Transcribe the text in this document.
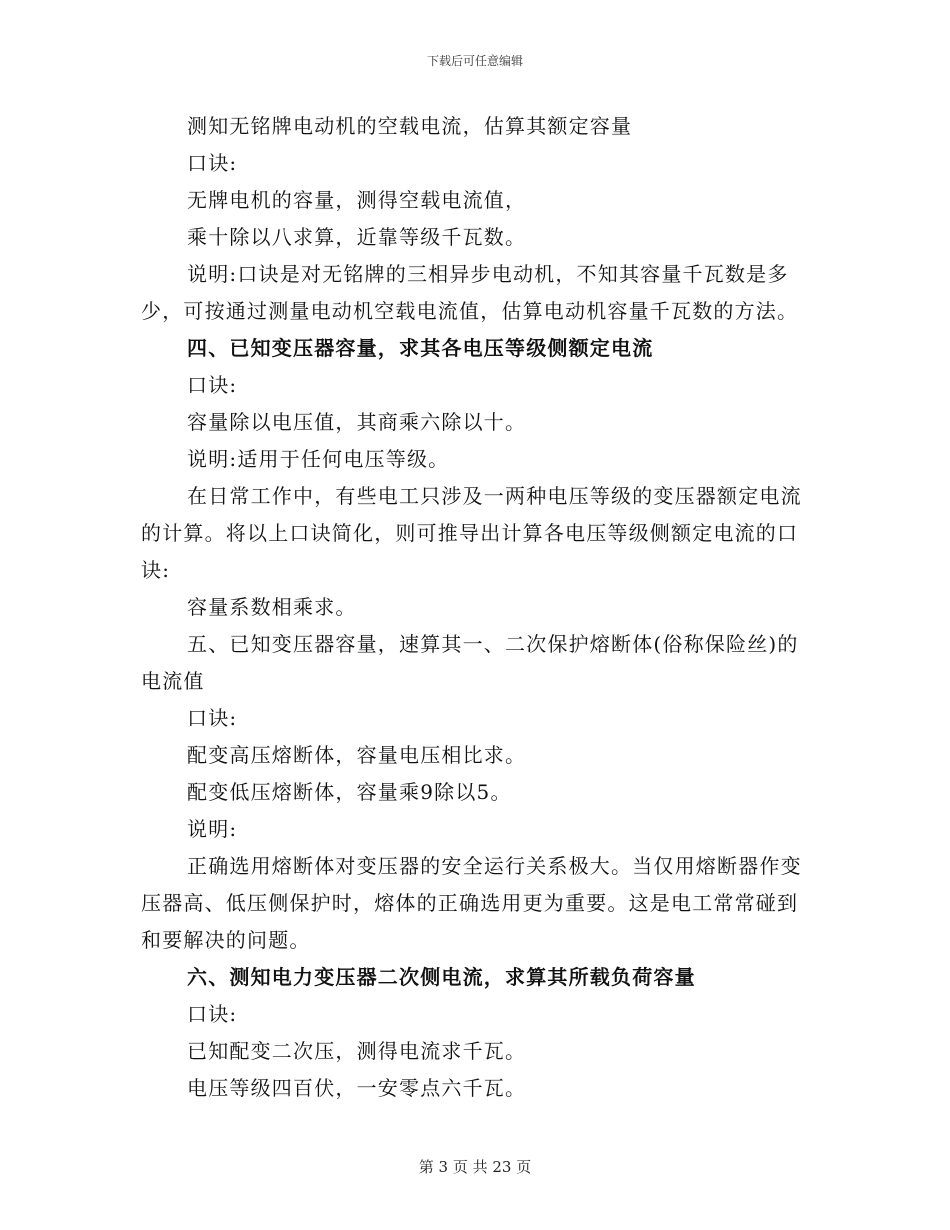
下载后可任意编辑

测知无铭牌电动机的空载电流，估算其额定容量

口诀:

无牌电机的容量，测得空载电流值，

乘十除以八求算，近靠等级千瓦数。

说明:口诀是对无铭牌的三相异步电动机，不知其容量千瓦数是多少，可按通过测量电动机空载电流值，估算电动机容量千瓦数的方法。

四、已知变压器容量，求其各电压等级侧额定电流

口诀:

容量除以电压值，其商乘六除以十。

说明:适用于任何电压等级。

在日常工作中，有些电工只涉及一两种电压等级的变压器额定电流的计算。将以上口诀简化，则可推导出计算各电压等级侧额定电流的口诀:

容量系数相乘求。

五、已知变压器容量，速算其一、二次保护熔断体(俗称保险丝)的电流值

口诀:

配变高压熔断体，容量电压相比求。

配变低压熔断体，容量乘9除以5。

说明:

正确选用熔断体对变压器的安全运行关系极大。当仅用熔断器作变压器高、低压侧保护时，熔体的正确选用更为重要。这是电工常常碰到和要解决的问题。

六、测知电力变压器二次侧电流，求算其所载负荷容量

口诀:

已知配变二次压，测得电流求千瓦。

电压等级四百伏，一安零点六千瓦。

第 3 页 共 23 页
